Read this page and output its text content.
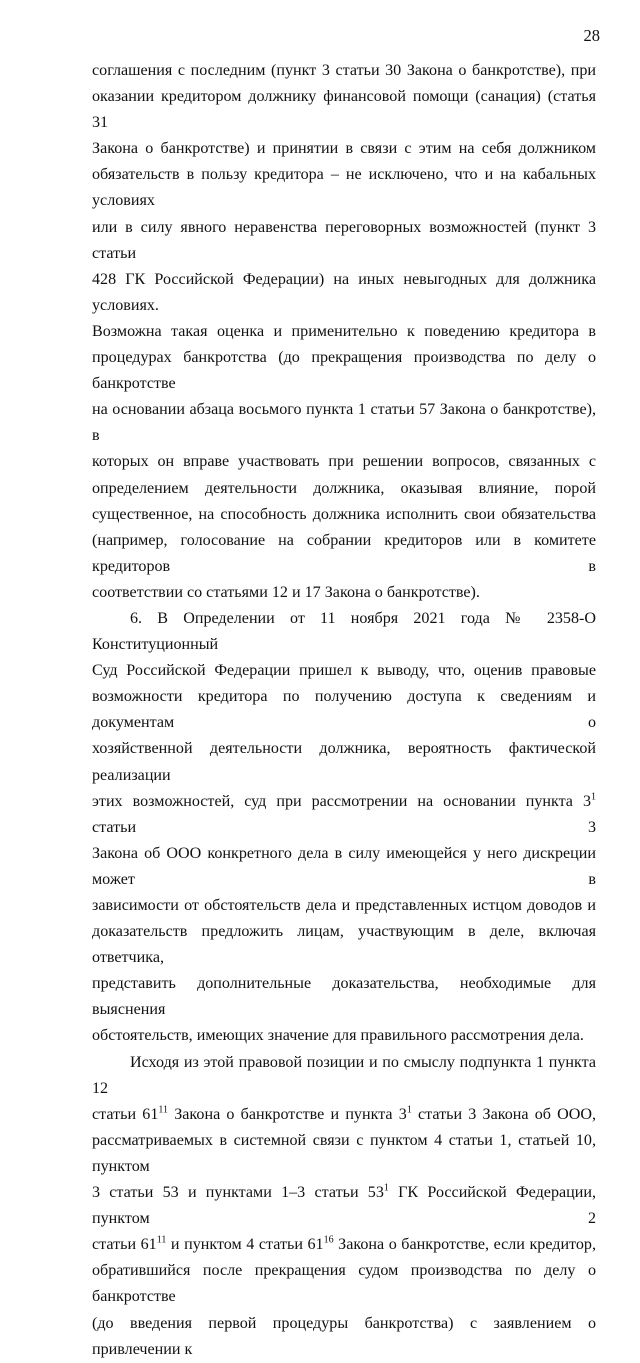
28
соглашения с последним (пункт 3 статьи 30 Закона о банкротстве), при
оказании кредитором должнику финансовой помощи (санация) (статья 31
Закона о банкротстве) и принятии в связи с этим на себя должником
обязательств в пользу кредитора – не исключено, что и на кабальных условиях
или в силу явного неравенства переговорных возможностей (пункт 3 статьи
428 ГК Российской Федерации) на иных невыгодных для должника условиях.
Возможна такая оценка и применительно к поведению кредитора в
процедурах банкротства (до прекращения производства по делу о банкротстве
на основании абзаца восьмого пункта 1 статьи 57 Закона о банкротстве), в
которых он вправе участвовать при решении вопросов, связанных с
определением деятельности должника, оказывая влияние, порой
существенное, на способность должника исполнить свои обязательства
(например, голосование на собрании кредиторов или в комитете кредиторов в
соответствии со статьями 12 и 17 Закона о банкротстве).
6. В Определении от 11 ноября 2021 года № 2358-О Конституционный
Суд Российской Федерации пришел к выводу, что, оценив правовые
возможности кредитора по получению доступа к сведениям и документам о
хозяйственной деятельности должника, вероятность фактической реализации
этих возможностей, суд при рассмотрении на основании пункта $3^1$ статьи 3
Закона об ООО конкретного дела в силу имеющейся у него дискреции может в
зависимости от обстоятельств дела и представленных истцом доводов и
доказательств предложить лицам, участвующим в деле, включая ответчика,
представить дополнительные доказательства, необходимые для выяснения
обстоятельств, имеющих значение для правильного рассмотрения дела.
Исходя из этой правовой позиции и по смыслу подпункта 1 пункта 12
статьи $61^{11}$ Закона о банкротстве и пункта $3^1$ статьи 3 Закона об ООО,
рассматриваемых в системной связи с пунктом 4 статьи 1, статьей 10, пунктом
3 статьи 53 и пунктами 1–3 статьи $53^1$ ГК Российской Федерации, пунктом 2
статьи $61^{11}$ и пунктом 4 статьи $61^{16}$ Закона о банкротстве, если кредитор,
обратившийся после прекращения судом производства по делу о банкротстве
(до введения первой процедуры банкротства) с заявлением о привлечении к
